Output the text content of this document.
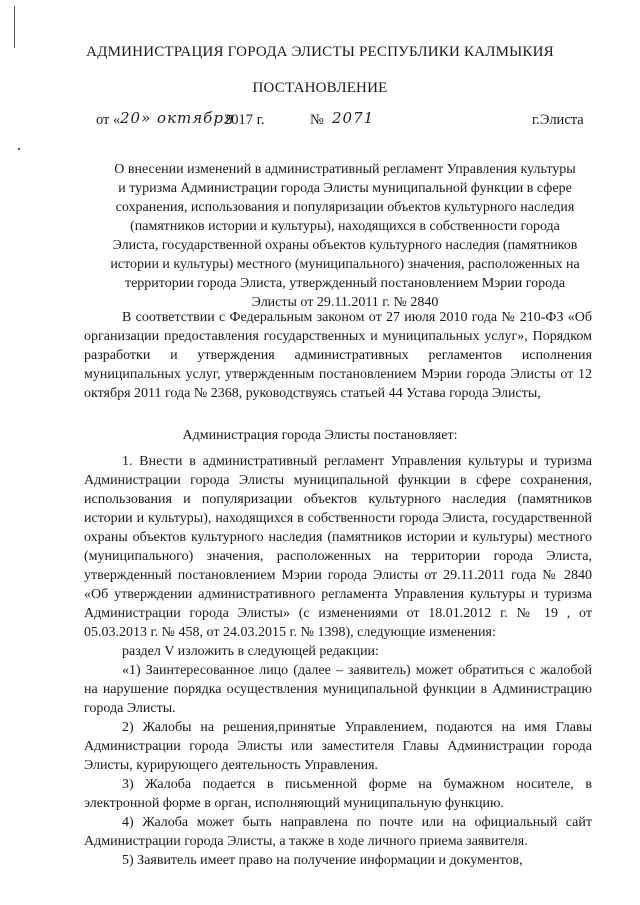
АДМИНИСТРАЦИЯ ГОРОДА ЭЛИСТЫ РЕСПУБЛИКИ КАЛМЫКИЯ
ПОСТАНОВЛЕНИЕ
от « 20» октября
2017 г.	№ 2071	г.Элиста
О внесении изменений в административный регламент Управления культуры и туризма Администрации города Элисты муниципальной функции в сфере сохранения, использования и популяризации объектов культурного наследия (памятников истории и культуры), находящихся в собственности города Элиста, государственной охраны объектов культурного наследия (памятников истории и культуры) местного (муниципального) значения, расположенных на территории города Элиста, утвержденный постановлением Мэрии города Элисты от 29.11.2011 г. № 2840

В соответствии с Федеральным законом от 27 июля 2010 года № 210-ФЗ «Об организации предоставления государственных и муниципальных услуг», Порядком разработки и утверждения административных регламентов исполнения муниципальных услуг, утвержденным постановлением Мэрии города Элисты от 12 октября 2011 года № 2368, руководствуясь статьей 44 Устава города Элисты,

Администрация города Элисты постановляет:

1. Внести в административный регламент Управления культуры и туризма Администрации города Элисты муниципальной функции в сфере сохранения, использования и популяризации объектов культурного наследия (памятников истории и культуры), находящихся в собственности города Элиста, государственной охраны объектов культурного наследия (памятников истории и культуры) местного (муниципального) значения, расположенных на территории города Элиста, утвержденный постановлением Мэрии города Элисты от 29.11.2011 года № 2840 «Об утверждении административного регламента Управления культуры и туризма Администрации города Элисты» (с изменениями от 18.01.2012 г. № 19 , от 05.03.2013 г. № 458, от 24.03.2015 г. № 1398), следующие изменения:

раздел V изложить в следующей редакции:

«1) Заинтересованное лицо (далее – заявитель) может обратиться с жалобой на нарушение порядка осуществления муниципальной функции в Администрацию города Элисты.

2) Жалобы на решения,принятые Управлением, подаются на имя Главы Администрации города Элисты или заместителя Главы Администрации города Элисты, курирующего деятельность Управления.

3) Жалоба подается в письменной форме на бумажном носителе, в электронной форме в орган, исполняющий муниципальную функцию.

4) Жалоба может быть направлена по почте или на официальный сайт Администрации города Элисты, а также в ходе личного приема заявителя.

5) Заявитель имеет право на получение информации и документов,
